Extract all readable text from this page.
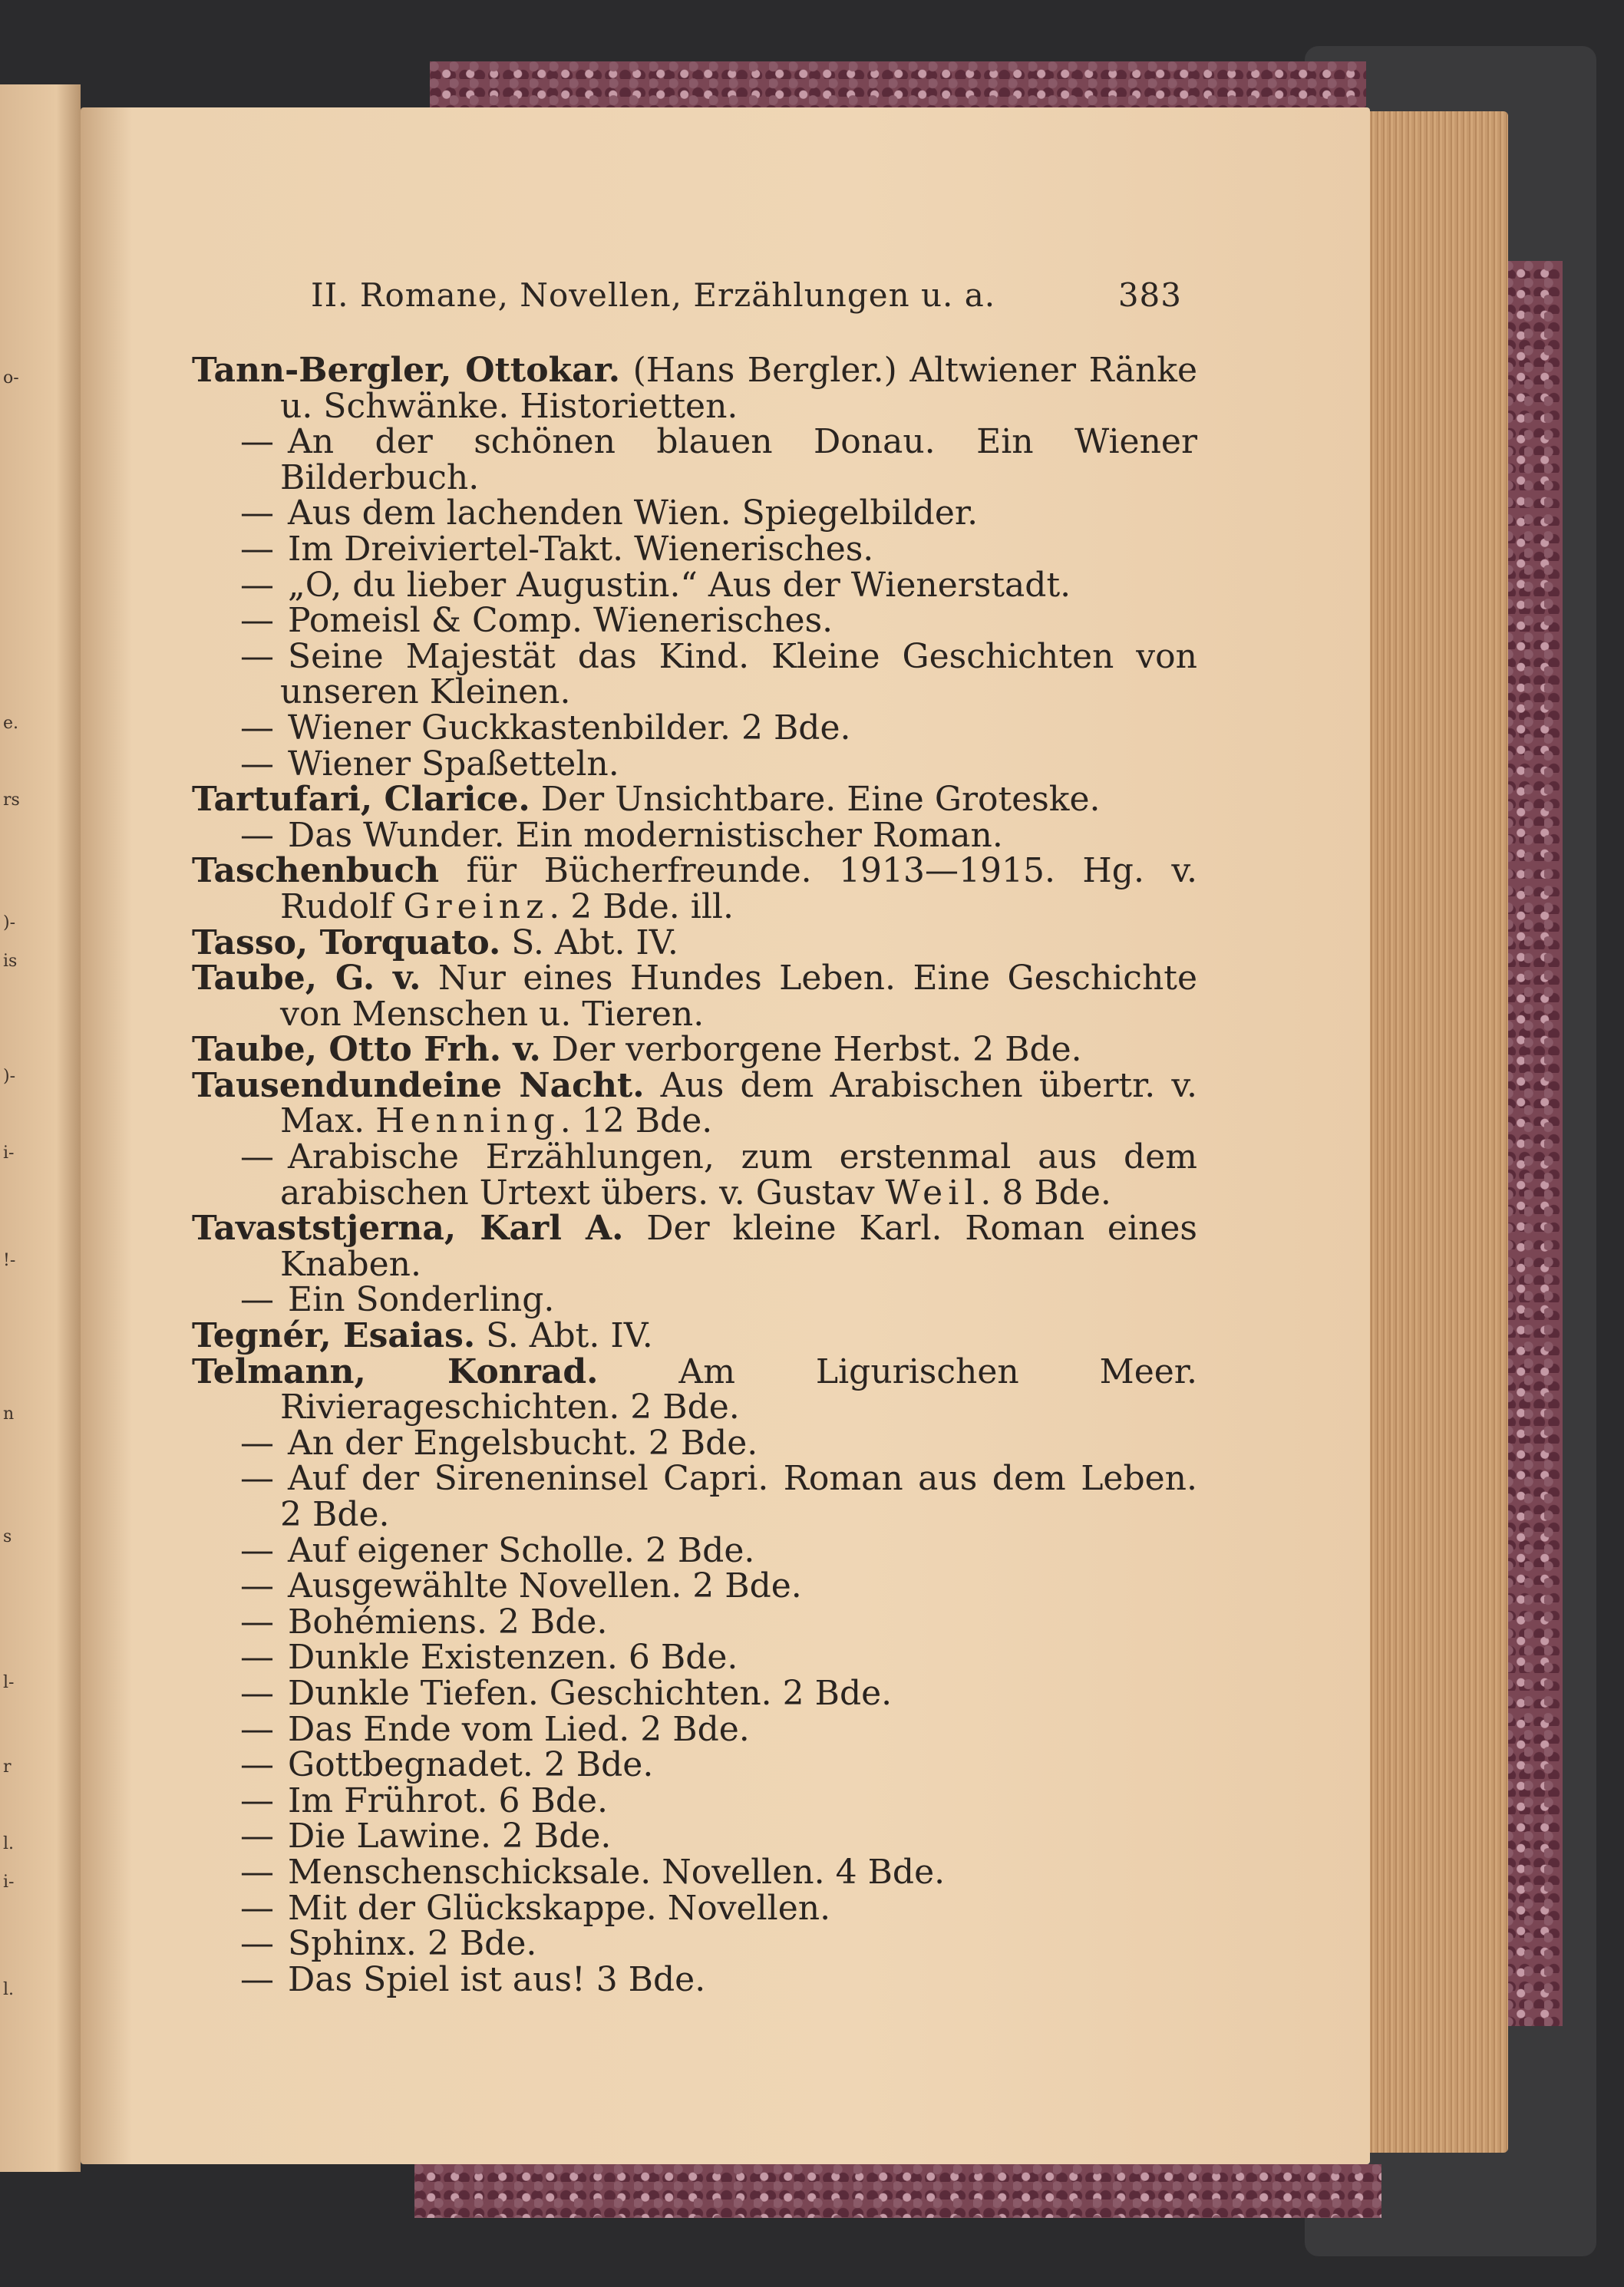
o-
e.
rs
)-
is
)-
i-
!-
n
s
l-
r
l.
i-
l.
II. Romane, Novellen, Erzählungen u. a.	383

Tann-Bergler, Ottokar. (Hans Bergler.) Altwiener Ränke u. Schwänke. Historietten.

— An der schönen blauen Donau. Ein Wiener Bilderbuch.

— Aus dem lachenden Wien. Spiegelbilder.

— Im Dreiviertel-Takt. Wienerisches.

— „O, du lieber Augustin.“ Aus der Wienerstadt.

— Pomeisl & Comp. Wienerisches.

— Seine Majestät das Kind. Kleine Geschichten von unseren Kleinen.

— Wiener Guckkastenbilder. 2 Bde.

— Wiener Spaßetteln.

Tartufari, Clarice. Der Unsichtbare. Eine Groteske.

— Das Wunder. Ein modernistischer Roman.

Taschenbuch für Bücherfreunde. 1913—1915. Hg. v. Rudolf Greinz. 2 Bde. ill.

Tasso, Torquato. S. Abt. IV.

Taube, G. v. Nur eines Hundes Leben. Eine Geschichte von Menschen u. Tieren.

Taube, Otto Frh. v. Der verborgene Herbst. 2 Bde.

Tausendundeine Nacht. Aus dem Arabischen übertr. v. Max. Henning. 12 Bde.

— Arabische Erzählungen, zum erstenmal aus dem arabischen Urtext übers. v. Gustav Weil. 8 Bde.

Tavaststjerna, Karl A. Der kleine Karl. Roman eines Knaben.

— Ein Sonderling.

Tegnér, Esaias. S. Abt. IV.

Telmann, Konrad. Am Ligurischen Meer. Rivierageschichten. 2 Bde.

— An der Engelsbucht. 2 Bde.

— Auf der Sireneninsel Capri. Roman aus dem Leben. 2 Bde.

— Auf eigener Scholle. 2 Bde.

— Ausgewählte Novellen. 2 Bde.

— Bohémiens. 2 Bde.

— Dunkle Existenzen. 6 Bde.

— Dunkle Tiefen. Geschichten. 2 Bde.

— Das Ende vom Lied. 2 Bde.

— Gottbegnadet. 2 Bde.

— Im Frührot. 6 Bde.

— Die Lawine. 2 Bde.

— Menschenschicksale. Novellen. 4 Bde.

— Mit der Glückskappe. Novellen.

— Sphinx. 2 Bde.

— Das Spiel ist aus! 3 Bde.
